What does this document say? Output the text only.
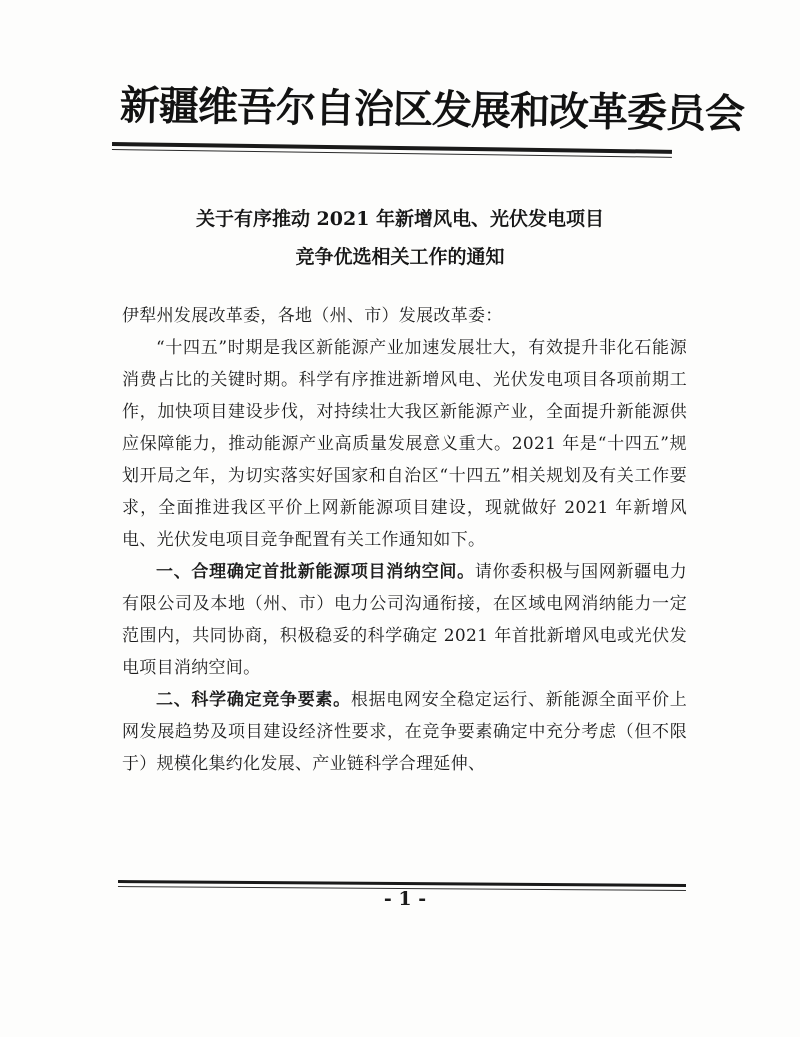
新疆维吾尔自治区发展和改革委员会
关于有序推动 2021 年新增风电、光伏发电项目
竞争优选相关工作的通知

伊犁州发展改革委，各地（州、市）发展改革委：

“十四五”时期是我区新能源产业加速发展壮大，有效提升非化石能源消费占比的关键时期。科学有序推进新增风电、光伏发电项目各项前期工作，加快项目建设步伐，对持续壮大我区新能源产业，全面提升新能源供应保障能力，推动能源产业高质量发展意义重大。2021 年是“十四五”规划开局之年，为切实落实好国家和自治区“十四五”相关规划及有关工作要求，全面推进我区平价上网新能源项目建设，现就做好 2021 年新增风电、光伏发电项目竞争配置有关工作通知如下。

一、合理确定首批新能源项目消纳空间。请你委积极与国网新疆电力有限公司及本地（州、市）电力公司沟通衔接，在区域电网消纳能力一定范围内，共同协商，积极稳妥的科学确定 2021 年首批新增风电或光伏发电项目消纳空间。

二、科学确定竞争要素。根据电网安全稳定运行、新能源全面平价上网发展趋势及项目建设经济性要求，在竞争要素确定中充分考虑（但不限于）规模化集约化发展、产业链科学合理延伸、

- 1 -
